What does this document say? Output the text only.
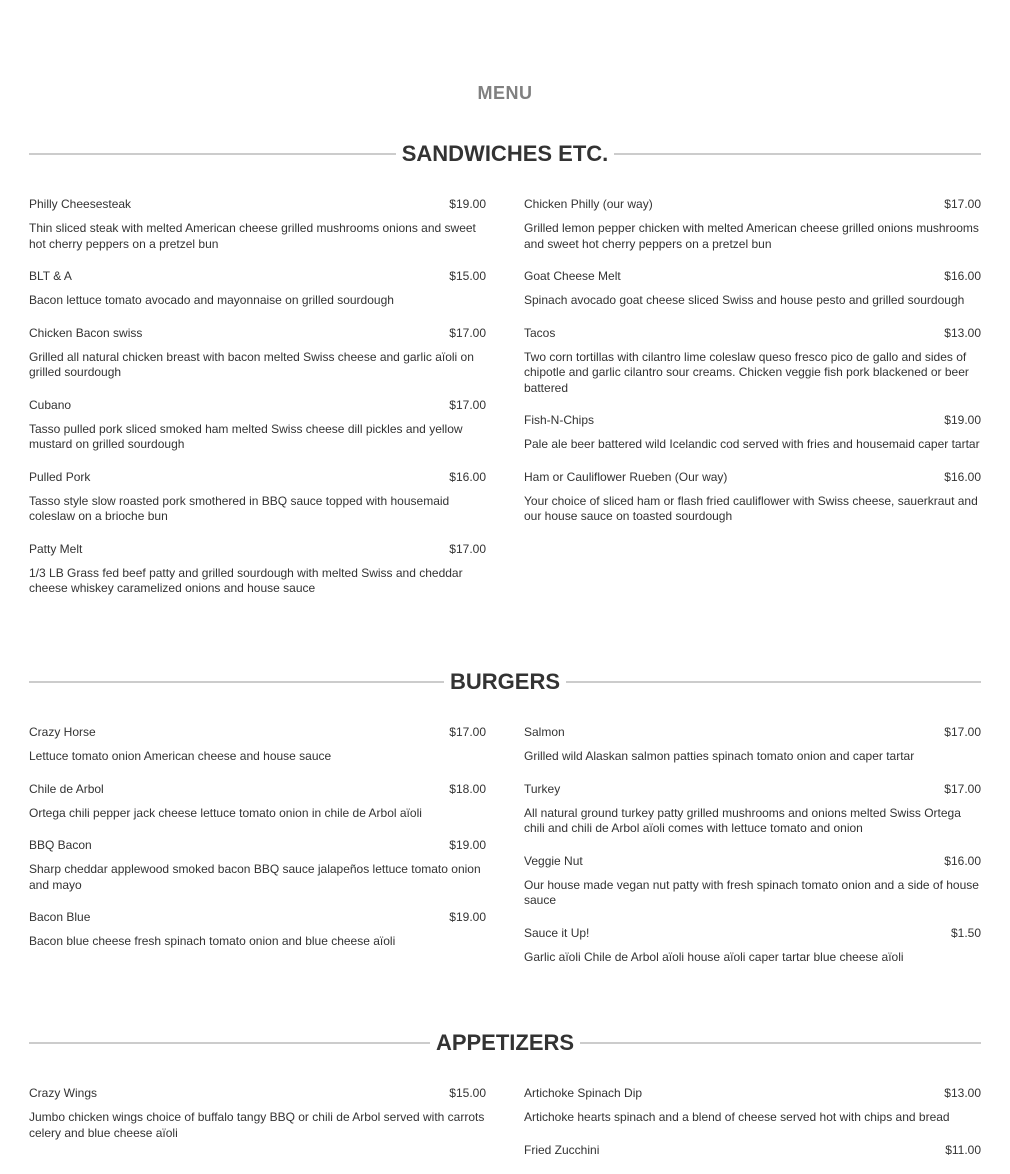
MENU
SANDWICHES ETC.
Philly Cheesesteak	$19.00
Thin sliced steak with melted American cheese grilled mushrooms onions and sweet hot cherry peppers on a pretzel bun
BLT & A	$15.00
Bacon lettuce tomato avocado and mayonnaise on grilled sourdough
Chicken Bacon swiss	$17.00
Grilled all natural chicken breast with bacon melted Swiss cheese and garlic aïoli on grilled sourdough
Cubano	$17.00
Tasso pulled pork sliced smoked ham melted Swiss cheese dill pickles and yellow mustard on grilled sourdough
Pulled Pork	$16.00
Tasso style slow roasted pork smothered in BBQ sauce topped with housemaid coleslaw on a brioche bun
Patty Melt	$17.00
1/3 LB Grass fed beef patty and grilled sourdough with melted Swiss and cheddar cheese whiskey caramelized onions and house sauce
Chicken Philly (our way)	$17.00
Grilled lemon pepper chicken with melted American cheese grilled onions mushrooms and sweet hot cherry peppers on a pretzel bun
Goat Cheese Melt	$16.00
Spinach avocado goat cheese sliced Swiss and house pesto and grilled sourdough
Tacos	$13.00
Two corn tortillas with cilantro lime coleslaw queso fresco pico de gallo and sides of chipotle and garlic cilantro sour creams. Chicken veggie fish pork blackened or beer battered
Fish-N-Chips	$19.00
Pale ale beer battered wild Icelandic cod served with fries and housemaid caper tartar
Ham or Cauliflower Rueben (Our way)	$16.00
Your choice of sliced ham or flash fried cauliflower with Swiss cheese, sauerkraut and our house sauce on toasted sourdough
BURGERS
Crazy Horse	$17.00
Lettuce tomato onion American cheese and house sauce
Chile de Arbol	$18.00
Ortega chili pepper jack cheese lettuce tomato onion in chile de Arbol aïoli
BBQ Bacon	$19.00
Sharp cheddar applewood smoked bacon BBQ sauce jalapeños lettuce tomato onion and mayo
Bacon Blue	$19.00
Bacon blue cheese fresh spinach tomato onion and blue cheese aïoli
Salmon	$17.00
Grilled wild Alaskan salmon patties spinach tomato onion and caper tartar
Turkey	$17.00
All natural ground turkey patty grilled mushrooms and onions melted Swiss Ortega chili and chili de Arbol aïoli comes with lettuce tomato and onion
Veggie Nut	$16.00
Our house made vegan nut patty with fresh spinach tomato onion and a side of house sauce
Sauce it Up!	$1.50
Garlic aïoli Chile de Arbol aïoli house aïoli caper tartar blue cheese aïoli
APPETIZERS
Crazy Wings	$15.00
Jumbo chicken wings choice of buffalo tangy BBQ or chili de Arbol served with carrots celery and blue cheese aïoli
Artichoke Spinach Dip	$13.00
Artichoke hearts spinach and a blend of cheese served hot with chips and bread
Fried Zucchini	$11.00
